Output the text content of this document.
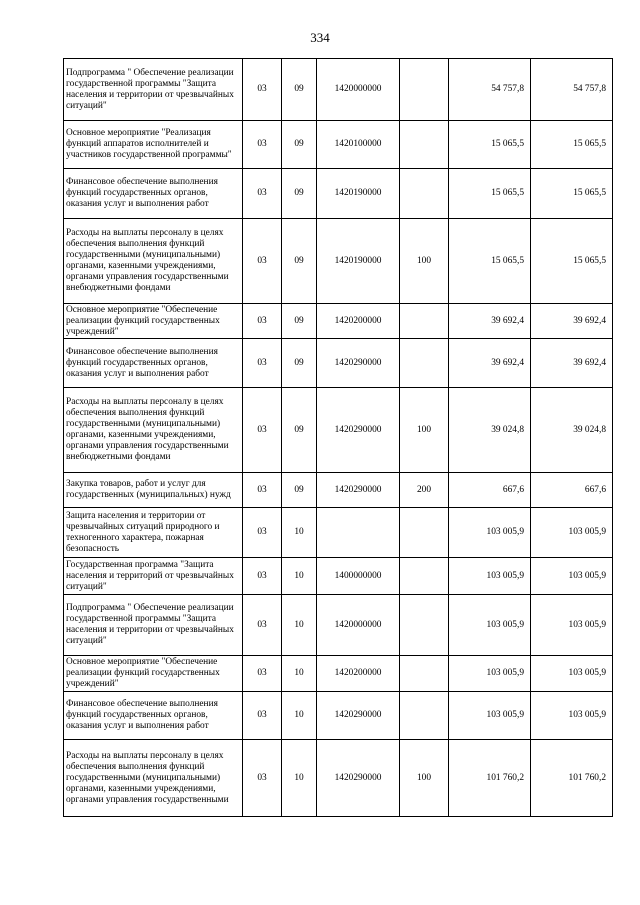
334
Подпрограмма " Обеспечение реализации государственной программы "Защита населения и территории от чрезвычайных ситуаций"	03	09	1420000000		54 757,8	54 757,8
Основное мероприятие "Реализация функций аппаратов исполнителей и участников государственной программы"	03	09	1420100000		15 065,5	15 065,5
Финансовое обеспечение выполнения функций государственных органов, оказания услуг и выполнения работ	03	09	1420190000		15 065,5	15 065,5
Расходы на выплаты персоналу в целях обеспечения выполнения функций государственными (муниципальными) органами, казенными учреждениями, органами управления государственными внебюджетными фондами	03	09	1420190000	100	15 065,5	15 065,5
Основное мероприятие "Обеспечение реализации функций государственных учреждений"	03	09	1420200000		39 692,4	39 692,4
Финансовое обеспечение выполнения функций государственных органов, оказания услуг и выполнения работ	03	09	1420290000		39 692,4	39 692,4
Расходы на выплаты персоналу в целях обеспечения выполнения функций государственными (муниципальными) органами, казенными учреждениями, органами управления государственными внебюджетными фондами	03	09	1420290000	100	39 024,8	39 024,8
Закупка товаров, работ и услуг для государственных (муниципальных) нужд	03	09	1420290000	200	667,6	667,6
Защита населения и территории от чрезвычайных ситуаций природного и техногенного характера, пожарная безопасность	03	10			103 005,9	103 005,9
Государственная программа "Защита населения и территорий от чрезвычайных ситуаций"	03	10	1400000000		103 005,9	103 005,9
Подпрограмма " Обеспечение реализации государственной программы "Защита населения и территории от чрезвычайных ситуаций"	03	10	1420000000		103 005,9	103 005,9
Основное мероприятие "Обеспечение реализации функций государственных учреждений"	03	10	1420200000		103 005,9	103 005,9
Финансовое обеспечение выполнения функций государственных органов, оказания услуг и выполнения работ	03	10	1420290000		103 005,9	103 005,9
Расходы на выплаты персоналу в целях обеспечения выполнения функций государственными (муниципальными) органами, казенными учреждениями, органами управления государственными	03	10	1420290000	100	101 760,2	101 760,2
